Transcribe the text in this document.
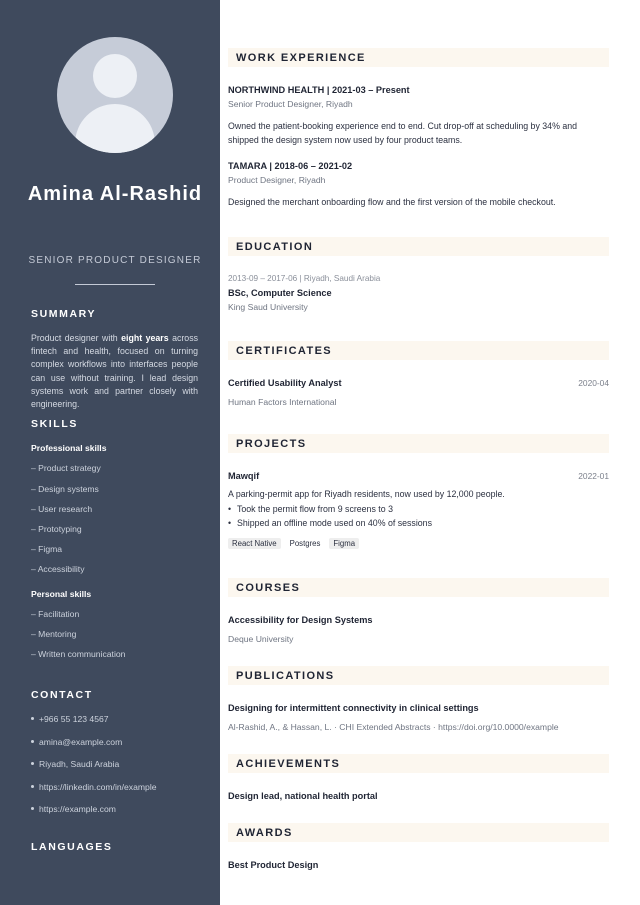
Amina Al-Rashid
SENIOR PRODUCT DESIGNER
SUMMARY

Product designer with eight years across fintech and health, focused on turning complex workflows into interfaces people can use without training. I lead design systems work and partner closely with engineering.

SKILLS
Professional skills
– Product strategy
– Design systems
– User research
– Prototyping
– Figma
– Accessibility
Personal skills
– Facilitation
– Mentoring
– Written communication
CONTACT
+966 55 123 4567
amina@example.com
Riyadh, Saudi Arabia
https://linkedin.com/in/example
https://example.com
LANGUAGES
WORK EXPERIENCE
NORTHWIND HEALTH | 2021-03 – Present
Senior Product Designer, Riyadh
Owned the patient-booking experience end to end. Cut drop-off at scheduling by 34% and shipped the design system now used by four product teams.
TAMARA | 2018-06 – 2021-02
Product Designer, Riyadh
Designed the merchant onboarding flow and the first version of the mobile checkout.
EDUCATION
2013-09 – 2017-06 | Riyadh, Saudi Arabia
BSc, Computer Science
King Saud University
CERTIFICATES
Certified Usability Analyst	2020-04
Human Factors International
PROJECTS
Mawqif	2022-01
A parking-permit app for Riyadh residents, now used by 12,000 people.
• Took the permit flow from 9 screens to 3
• Shipped an offline mode used on 40% of sessions
React Native	Postgres	Figma
COURSES
Accessibility for Design Systems
Deque University
PUBLICATIONS
Designing for intermittent connectivity in clinical settings
Al-Rashid, A., & Hassan, L. · CHI Extended Abstracts · https://doi.org/10.0000/example
ACHIEVEMENTS
Design lead, national health portal
AWARDS
Best Product Design
